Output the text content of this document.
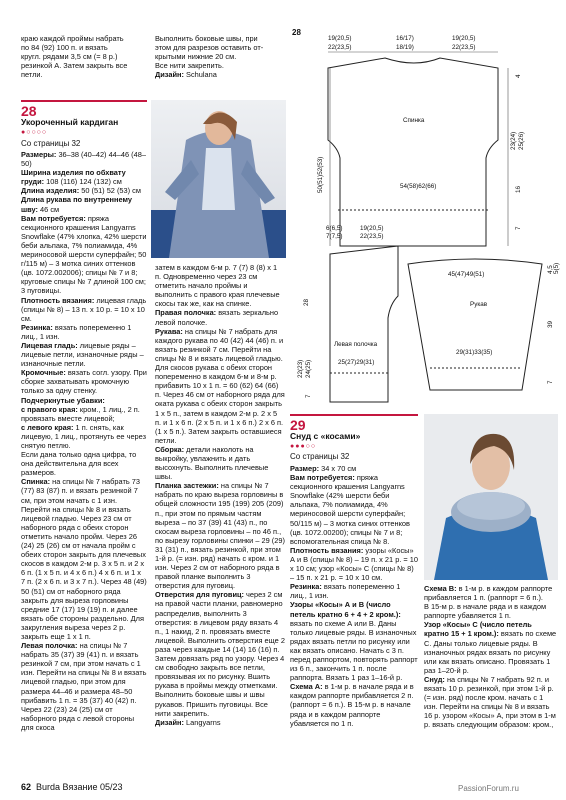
краю каждой проймы набрать

по 84 (92) 100 п. и вязать

кругл. рядами 3,5 см (= 8 р.)

резинкой А. Затем закрыть все

петли.

Выполнить боковые швы, при

этом для разрезов оставить от-

крытыми нижние 20 см.

Все нити закрепить.

Дизайн: Schulana

28
Укороченный кардиган
●○○○○
Со страницы 32

Размеры: 36–38 (40–42) 44–46 (48–50)

Ширина изделия по обхвату груди: 108 (116) 124 (132) см

Длина изделия: 50 (51) 52 (53) см

Длина рукава по внутреннему шву: 46 см

Вам потребуется: пряжа секционного крашения Langyarns Snowflake (47% хлопка, 42% шерсти беби альпака, 7% полиамида, 4% мериносовой шерсти суперфайн; 50 г/115 м) – 3 мотка синих оттенков (цв. 1072.002006); спицы № 7 и 8; круговые спицы № 7 длиной 100 см; 3 пуговицы.

Плотность вязания: лицевая гладь (спицы № 8) – 13 п. х 10 р. = 10 х 10 см.

Резинка: вязать попеременно 1 лиц., 1 изн.

Лицевая гладь: лицевые ряды – лицевые петли, изнаночные ряды – изнаночные петли.

Кромочные: вязать согл. узору. При сборке захватывать кромочную только за одну стенку.

Подчеркнутые убавки:

с правого края: кром., 1 лиц., 2 п. провязать вместе лицевой;

с левого края: 1 п. снять, как лицевую, 1 лиц., протянуть ее через снятую петлю.

Если дана только одна цифра, то она действительна для всех размеров.

Спинка: на спицы № 7 набрать 73 (77) 83 (87) п. и вязать резинкой 7 см, при этом начать с 1 изн. Перейти на спицы № 8 и вязать лицевой гладью. Через 23 см от наборного ряда с обеих сторон отметить начало пройм. Через 26 (24) 25 (26) см от начала пройм с обеих сторон закрыть для плечевых скосов в каждом 2-м р. 3 х 5 п. и 2 х 6 п. (1 х 5 п. и 4 х 6 п.) 4 х 6 п. и 1 х 7 п. (2 х 6 п. и 3 х 7 п.). Через 48 (49) 50 (51) см от наборного ряда закрыть для выреза горловины средние 17 (17) 19 (19) п. и далее вязать обе стороны раздельно. Для закругления выреза через 2 р. закрыть еще 1 х 1 п.

Левая полочка: на спицы № 7 набрать 35 (37) 39 (41) п. и вязать резинкой 7 см, при этом начать с 1 изн. Перейти на спицы № 8 и вязать лицевой гладью, при этом для размера 44–46 и размера 48–50 прибавить 1 п. = 35 (37) 40 (42) п. Через 22 (23) 24 (25) см от наборного ряда с левой стороны для скоса

затем в каждом 6-м р. 7 (7) 8 (8) х 1 п. Одновременно через 23 см отметить начало проймы и выполнить с правого края плечевые скосы так же, как на спинке.

Правая полочка: вязать зеркально левой полочке.

Рукава: на спицы № 7 набрать для каждого рукава по 40 (42) 44 (46) п. и вязать резинкой 7 см. Перейти на спицы № 8 и вязать лицевой гладью. Для скосов рукава с обеих сторон попеременно в каждом 6-м и 8-м р. прибавить 10 х 1 п. = 60 (62) 64 (66) п. Через 46 см от наборного ряда для оката рукава с обеих сторон закрыть 1 х 5 п., затем в каждом 2-м р. 2 х 5 п. и 1 х 6 п. (2 х 5 п. и 1 х 6 п.) 2 х 6 п. (1 х 5 п.). Затем закрыть оставшиеся петли.

Сборка: детали наколоть на выкройку, увлажнить и дать высохнуть. Выполнить плечевые швы.

Планка застежки: на спицы № 7 набрать по краю выреза горловины в общей сложности 195 (199) 205 (209) п., при этом по прямым частям выреза – по 37 (39) 41 (43) п., по скосам выреза горловины – по 46 п., по вырезу горловины спинки – 29 (29) 31 (31) п., вязать резинкой, при этом 1-й р. (= изн. ряд) начать с кром. и 1 изн. Через 2 см от наборного ряда в правой планке выполнить 3 отверстия для пуговиц.

Отверстия для пуговиц: через 2 см на правой части планки, равномерно распределив, выполнить 3 отверстия: в лицевом ряду вязать 4 п., 1 накид, 2 п. провязать вместе лицевой. Выполнить отверстия еще 2 раза через каждые 14 (14) 16 (16) п. Затем довязать ряд по узору. Через 4 см свободно закрыть все петли, провязывая их по рисунку. Вшить рукава в проймы между отметками. Выполнить боковые швы и швы рукавов. Пришить пуговицы. Все нити закрепить.

Дизайн: Langyarns

28
19(20,5)
22(23,5)
16/17)
18/19)
19(20,5)
22(23,5)
Спинка
54(58)62(66)
50(51)52(53)
4
23(24) 25(26)
16
7
6(6,5)
7(7,5)
19(20,5)
22(23,5)
Левая полочка
25(27)29(31)
28
22(23) 24(25)
7
45(47)49(51)
Рукав
29(31)33(35)
4,5 5(5)
39
7
29
Снуд с «косами»
●●●○○
Со страницы 32

Размер: 34 х 70 см

Вам потребуется: пряжа секционного крашения Langyarns Snowflake (42% шерсти беби альпака, 7% полиамида, 4% мериносовой шерсти суперфайн; 50/115 м) – 3 мотка синих оттенков (цв. 1072.00200); спицы № 7 и 8; вспомогательная спица № 8.

Плотность вязания: узоры «Косы» А и В (спицы № 8) – 19 п. х 21 р. = 10 х 10 см; узор «Косы» С (спицы № 8) – 15 п. х 21 р. = 10 х 10 см.

Резинка: вязать попеременно 1 лиц., 1 изн.

Узоры «Косы» А и В (число петель кратно 6 + 4 + 2 кром.): вязать по схеме А или В. Даны только лицевые ряды. В изнаночных рядах вязать петли по рисунку или как вязать описано. Начать с 3 п. перед раппортом, повторять раппорт из 6 п., закончить 1 п. после раппорта. Вязать 1 раз 1–16-й р.

Схема А: в 1-м р. в начале ряда и в каждом раппорте прибавляется 2 п. (раппорт = 6 п.). В 15-м р. в начале ряда и в каждом раппорте убавляется по 1 п.

Схема В: в 1-м р. в каждом раппорте прибавляется 1 п. (раппорт = 6 п.).

В 15-м р. в начале ряда и в каждом раппорте убавляется 1 п.

Узор «Косы» С (число петель кратно 15 + 1 кром.): вязать по схеме С. Даны только лицевые ряды. В изнаночных рядах вязать по рисунку или как вязать описано. Провязать 1 раз 1–20-й р.

Снуд: на спицы № 7 набрать 92 п. и вязать 10 р. резинкой, при этом 1-й р. (= изн. ряд) после кром. начать с 1 изн. Перейти на спицы № 8 и вязать 16 р. узором «Косы» А, при этом в 1-м р. вязать следующим образом: кром.,

62 Burda Вязание 05/23	PassionForum.ru
